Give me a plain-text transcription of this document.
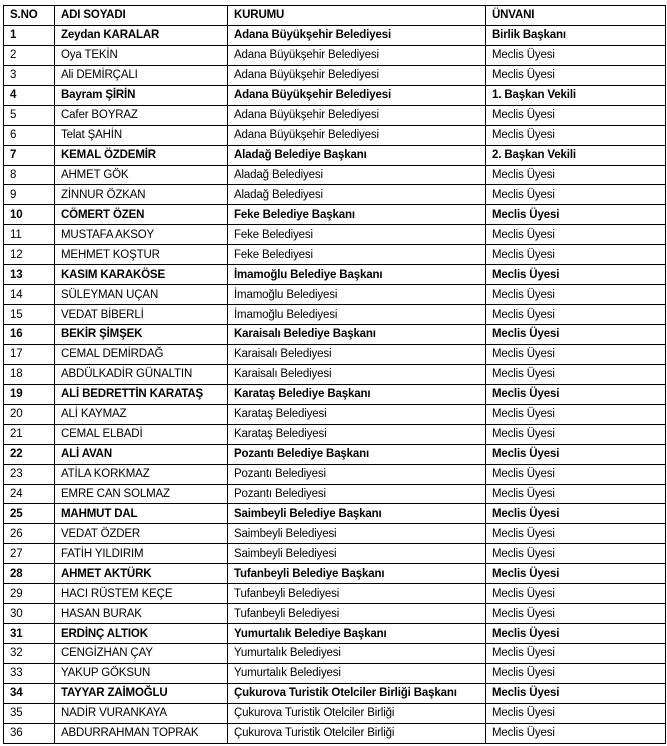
S.NO	ADI SOYADI	KURUMU	ÜNVANI
1	Zeydan KARALAR	Adana Büyükşehir Belediyesi	Birlik Başkanı
2	Oya TEKİN	Adana Büyükşehir Belediyesi	Meclis Üyesi
3	Ali DEMİRÇALI	Adana Büyükşehir Belediyesi	Meclis Üyesi
4	Bayram ŞİRİN	Adana Büyükşehir Belediyesi	1. Başkan Vekili
5	Cafer BOYRAZ	Adana Büyükşehir Belediyesi	Meclis Üyesi
6	Telat ŞAHİN	Adana Büyükşehir Belediyesi	Meclis Üyesi
7	KEMAL ÖZDEMİR	Aladağ Belediye Başkanı	2. Başkan Vekili
8	AHMET GÖK	Aladağ Belediyesi	Meclis Üyesi
9	ZİNNUR ÖZKAN	Aladağ Belediyesi	Meclis Üyesi
10	CÖMERT ÖZEN	Feke Belediye Başkanı	Meclis Üyesi
11	MUSTAFA AKSOY	Feke Belediyesi	Meclis Üyesi
12	MEHMET KOŞTUR	Feke Belediyesi	Meclis Üyesi
13	KASIM KARAKÖSE	İmamoğlu Belediye Başkanı	Meclis Üyesi
14	SÜLEYMAN UÇAN	İmamoğlu Belediyesi	Meclis Üyesi
15	VEDAT BİBERLİ	İmamoğlu Belediyesi	Meclis Üyesi
16	BEKİR ŞİMŞEK	Karaisalı Belediye Başkanı	Meclis Üyesi
17	CEMAL DEMİRDAĞ	Karaisalı Belediyesi	Meclis Üyesi
18	ABDÜLKADİR GÜNALTIN	Karaisalı Belediyesi	Meclis Üyesi
19	ALİ BEDRETTİN KARATAŞ	Karataş Belediye Başkanı	Meclis Üyesi
20	ALİ KAYMAZ	Karataş Belediyesi	Meclis Üyesi
21	CEMAL ELBADİ	Karataş Belediyesi	Meclis Üyesi
22	ALİ AVAN	Pozantı Belediye Başkanı	Meclis Üyesi
23	ATİLA KORKMAZ	Pozantı Belediyesi	Meclis Üyesi
24	EMRE CAN SOLMAZ	Pozantı Belediyesi	Meclis Üyesi
25	MAHMUT DAL	Saimbeyli Belediye Başkanı	Meclis Üyesi
26	VEDAT ÖZDER	Saimbeyli Belediyesi	Meclis Üyesi
27	FATİH YILDIRIM	Saimbeyli Belediyesi	Meclis Üyesi
28	AHMET AKTÜRK	Tufanbeyli Belediye Başkanı	Meclis Üyesi
29	HACI RÜSTEM KEÇE	Tufanbeyli Belediyesi	Meclis Üyesi
30	HASAN BURAK	Tufanbeyli Belediyesi	Meclis Üyesi
31	ERDİNÇ ALTIOK	Yumurtalık Belediye Başkanı	Meclis Üyesi
32	CENGİZHAN ÇAY	Yumurtalık Belediyesi	Meclis Üyesi
33	YAKUP GÖKSUN	Yumurtalık Belediyesi	Meclis Üyesi
34	TAYYAR ZAİMOĞLU	Çukurova Turistik Otelciler Birliği Başkanı	Meclis Üyesi
35	NADİR VURANKAYA	Çukurova Turistik Otelciler Birliği	Meclis Üyesi
36	ABDURRAHMAN TOPRAK	Çukurova Turistik Otelciler Birliği	Meclis Üyesi
